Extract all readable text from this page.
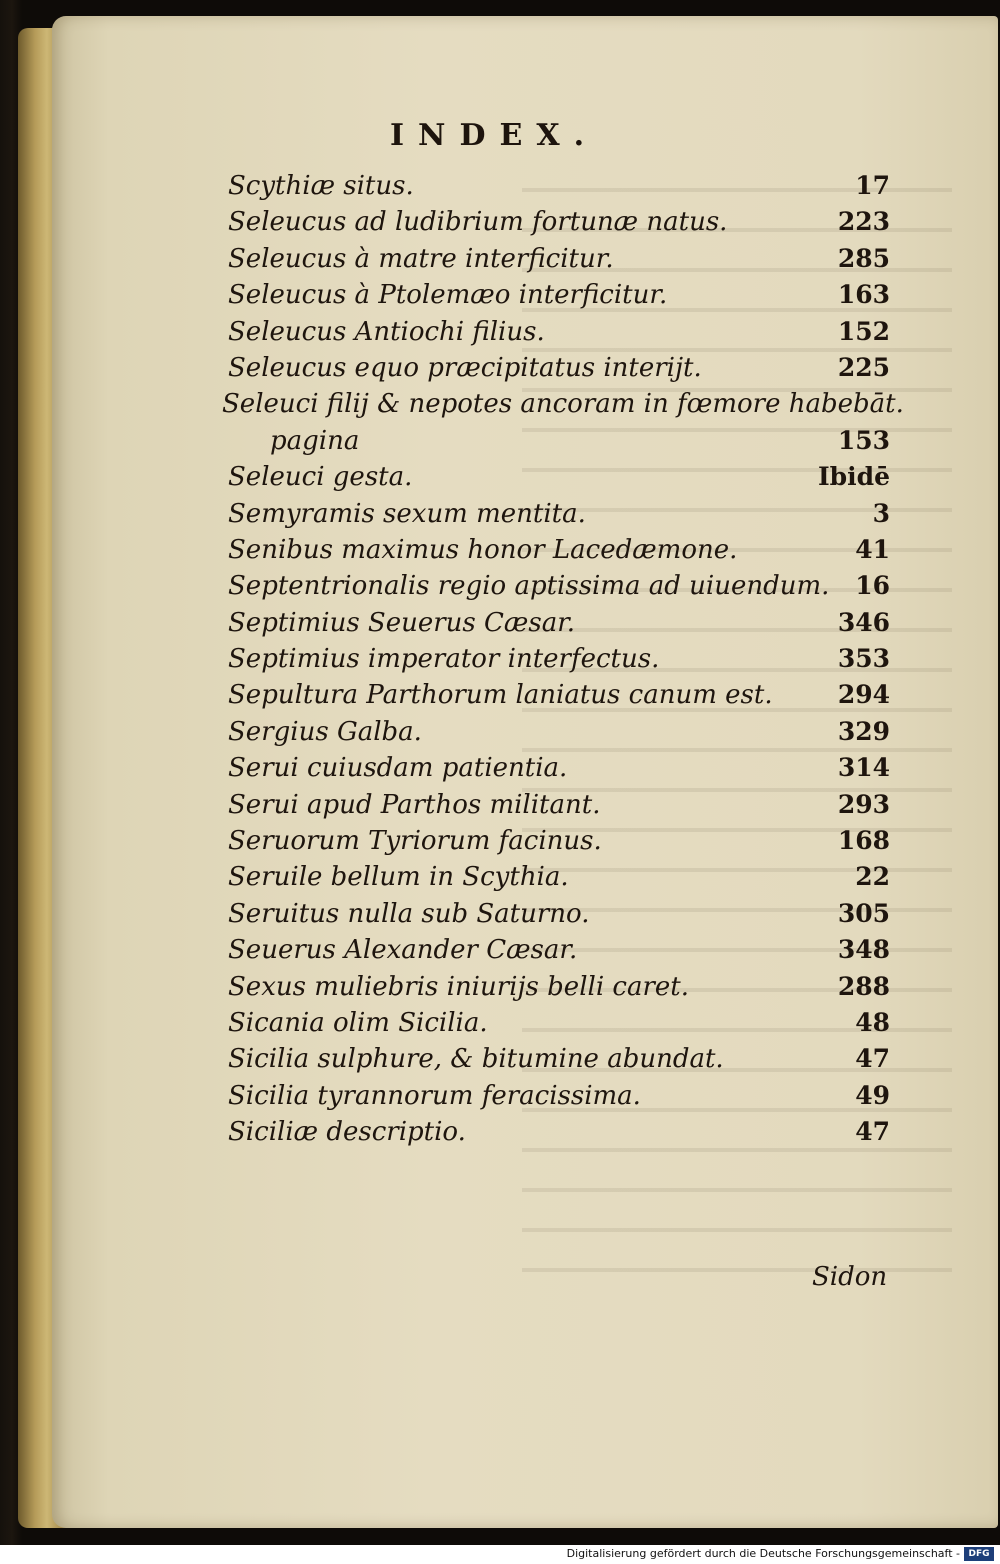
INDEX.
Scythiæ situs.	17
Seleucus ad ludibrium fortunæ natus.	223
Seleucus à matre interficitur.	285
Seleucus à Ptolemæo interficitur.	163
Seleucus Antiochi filius.	152
Seleucus equo præcipitatus interijt.	225
Seleuci filij & nepotes ancoram in fœmore habebāt.
pagina	153
Seleuci gesta.	Ibidē
Semyramis sexum mentita.	3
Senibus maximus honor Lacedæmone.	41
Septentrionalis regio aptissima ad uiuendum. 16
Septimius Seuerus Cæsar.	346
Septimius imperator interfectus.	353
Sepultura Parthorum laniatus canum est.	294
Sergius Galba.	329
Serui cuiusdam patientia.	314
Serui apud Parthos militant.	293
Seruorum Tyriorum facinus.	168
Seruile bellum in Scythia.	22
Seruitus nulla sub Saturno.	305
Seuerus Alexander Cæsar.	348
Sexus muliebris iniurijs belli caret.	288
Sicania olim Sicilia.	48
Sicilia sulphure, & bitumine abundat.	47
Sicilia tyrannorum feracissima.	49
Siciliæ descriptio.	47
Sidon
Digitalisierung gefördert durch die Deutsche Forschungsgemeinschaft - DFG
